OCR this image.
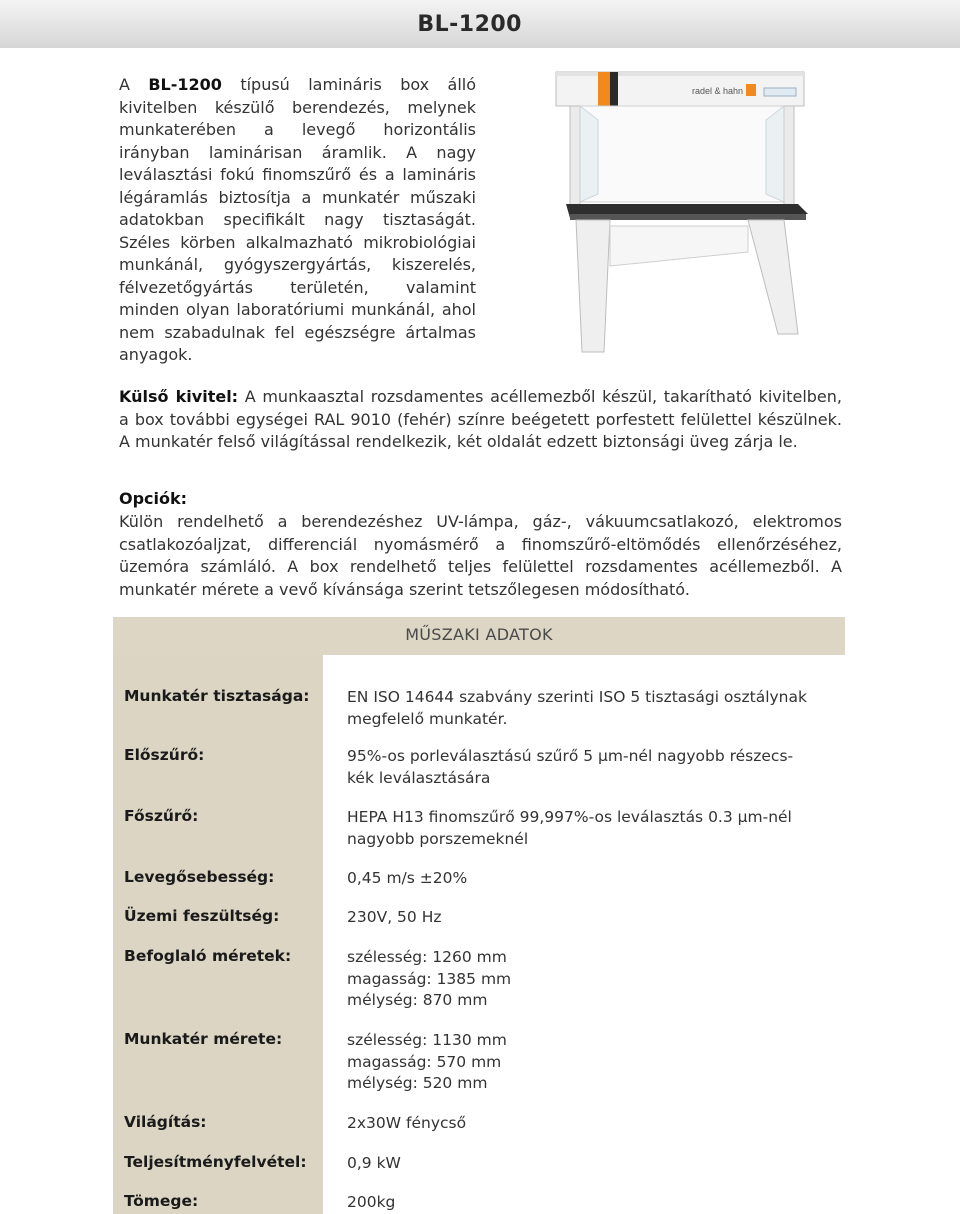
BL-1200
A BL-1200 típusú lamináris box álló kivitelben készülő berendezés, melynek munkaterében a levegő horizontális irányban laminárisan áramlik. A nagy leválasztási fokú finomszűrő és a lamináris légáramlás biztosítja a munkatér műszaki adatokban specifikált nagy tisztaságát. Széles körben alkalmazható mikrobiológiai munkánál, gyógyszergyártás, kiszerelés, félvezetőgyártás területén, valamint minden olyan laboratóriumi munkánál, ahol nem szabadulnak fel egészségre ártalmas anyagok.
radel & hahn
Külső kivitel: A munkaasztal rozsdamentes acéllemezből készül, takarítható kivitelben, a box további egységei RAL 9010 (fehér) színre beégetett porfestett felülettel készülnek. A munkatér felső világítással rendelkezik, két oldalát edzett biztonsági üveg zárja le.
Opciók:
Külön rendelhető a berendezéshez UV-lámpa, gáz-, vákuumcsatlakozó, elektromos csatlakozóaljzat, differenciál nyomásmérő a finomszűrő-eltömődés ellenőrzéséhez, üzemóra számláló. A box rendelhető teljes felülettel rozsdamentes acéllemezből. A munkatér mérete a vevő kívánsága szerint tetszőlegesen módosítható.
MŰSZAKI ADATOK
Munkatér tisztasága: EN ISO 14644 szabvány szerinti ISO 5 tisztasági osztálynak
megfelelő munkatér.
Előszűrő:	95%-os porleválasztású szűrő 5 µm-nél nagyobb részecs-
kék leválasztására
Főszűrő:	HEPA H13 finomszűrő 99,997%-os leválasztás 0.3 µm-nél
nagyobb porszemeknél
Levegősebesség:	0,45 m/s ±20%
Üzemi feszültség:	230V, 50 Hz
Befoglaló méretek:	szélesség: 1260 mm
magasság: 1385 mm
mélység: 870 mm
Munkatér mérete:	szélesség: 1130 mm
magasság: 570 mm
mélység: 520 mm
Világítás:	2x30W fénycső
Teljesítményfelvétel:	0,9 kW
Tömege:	200kg
